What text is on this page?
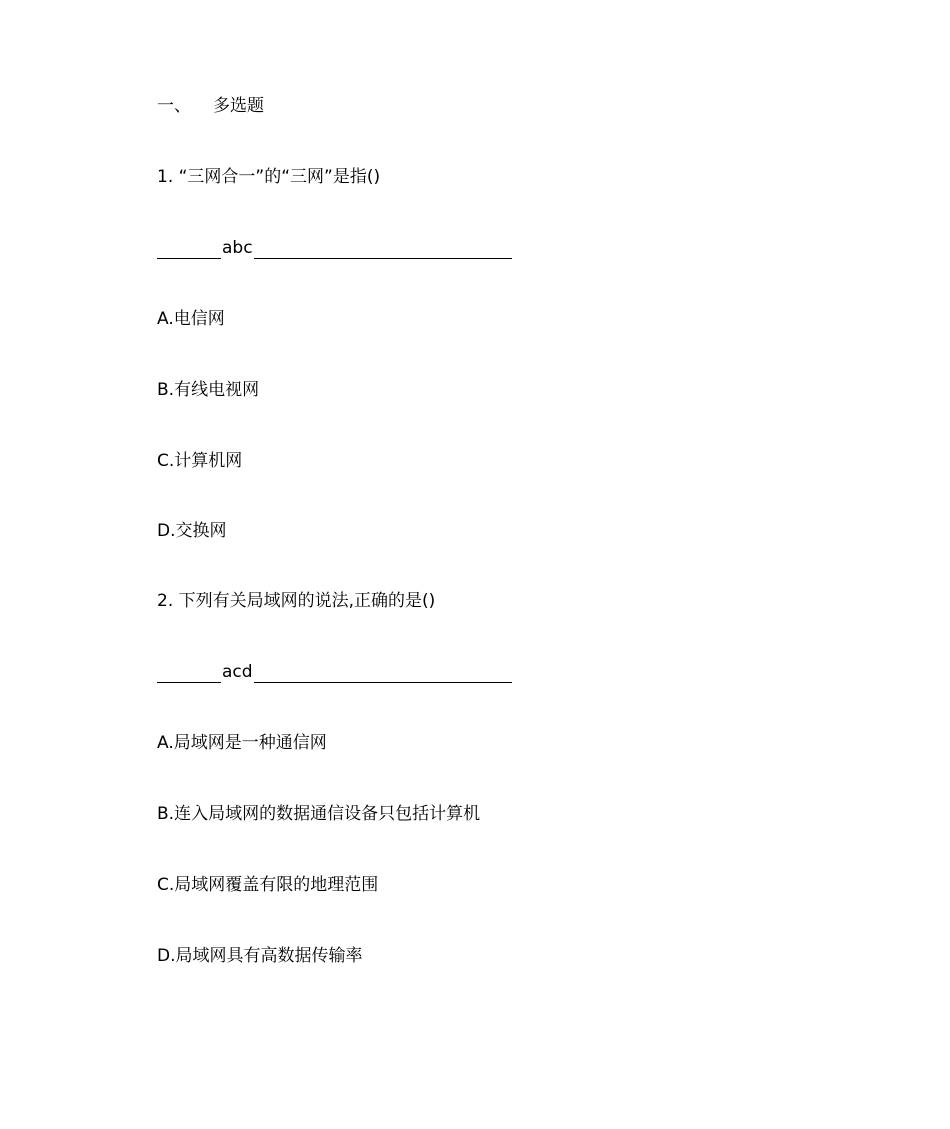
一、 多选题
1. “三网合一”的“三网”是指()
abc
A.电信网
B.有线电视网
C.计算机网
D.交换网
2. 下列有关局域网的说法,正确的是()
acd
A.局域网是一种通信网
B.连入局域网的数据通信设备只包括计算机
C.局域网覆盖有限的地理范围
D.局域网具有高数据传输率
